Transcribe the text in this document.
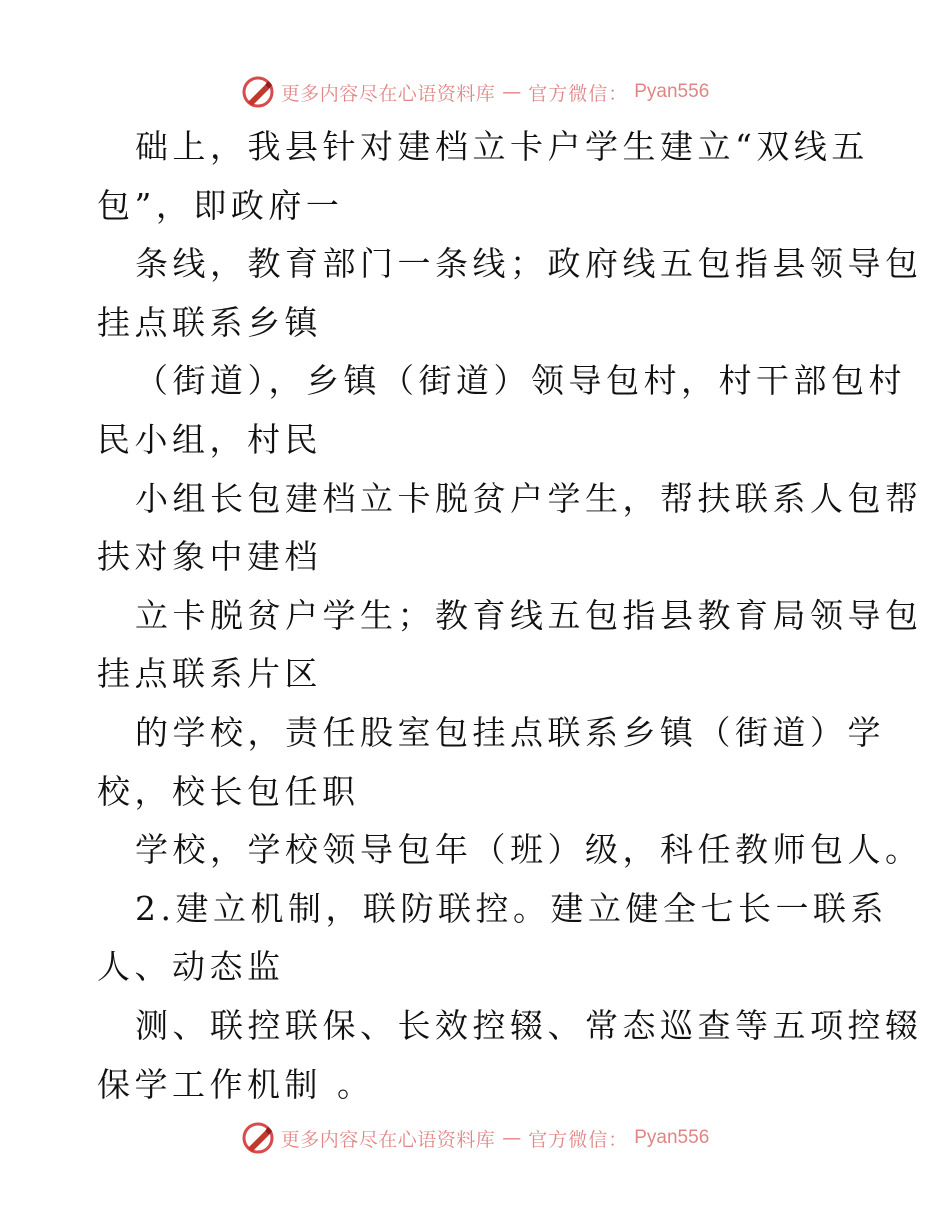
更多内容尽在心语资料库 — 官方微信： Pyan556
础上，我县针对建档立卡户学生建立“双线五
包”，即政府一
条线，教育部门一条线；政府线五包指县领导包
挂点联系乡镇
（街道），乡镇（街道）领导包村，村干部包村
民小组，村民
小组长包建档立卡脱贫户学生，帮扶联系人包帮
扶对象中建档
立卡脱贫户学生；教育线五包指县教育局领导包
挂点联系片区
的学校，责任股室包挂点联系乡镇（街道）学
校，校长包任职
学校，学校领导包年（班）级，科任教师包人。
2.建立机制，联防联控。建立健全七长一联系
人、动态监
测、联控联保、长效控辍、常态巡查等五项控辍
保学工作机制 。
更多内容尽在心语资料库 — 官方微信： Pyan556
